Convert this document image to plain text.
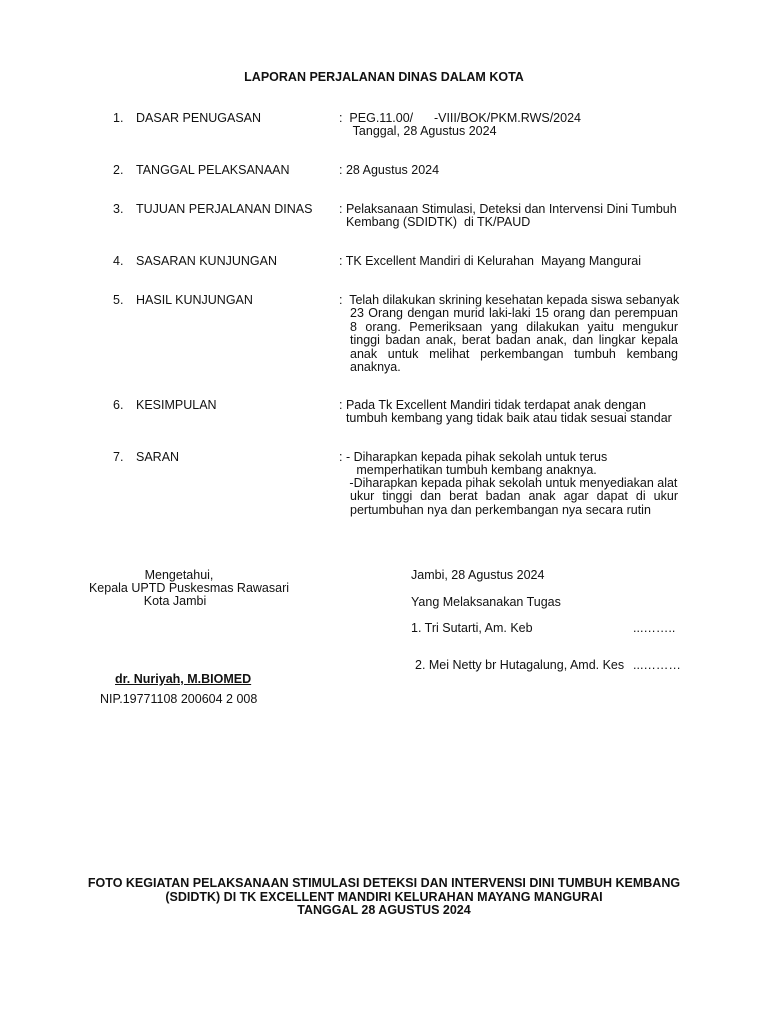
LAPORAN PERJALANAN DINAS DALAM KOTA
1. DASAR PENUGASAN	:  PEG.11.00/      -VIII/BOK/PKM.RWS/2024
Tanggal, 28 Agustus 2024
2. TANGGAL PELAKSANAAN	: 28 Agustus 2024
3. TUJUAN PERJALANAN DINAS : Pelaksanaan Stimulasi, Deteksi dan Intervensi Dini Tumbuh
Kembang (SDIDTK)  di TK/PAUD
4. SASARAN KUNJUNGAN	: TK Excellent Mandiri di Kelurahan  Mayang Mangurai
5. HASIL KUNJUNGAN	:  Telah dilakukan skrining kesehatan kepada siswa sebanyak
23 Orang dengan murid laki-laki 15 orang dan perempuan 8 orang. Pemeriksaan yang dilakukan yaitu mengukur tinggi badan anak, berat badan anak, dan lingkar kepala anak untuk melihat perkembangan tumbuh kembang anaknya.
6. KESIMPULAN	: Pada Tk Excellent Mandiri tidak terdapat anak dengan
tumbuh kembang yang tidak baik atau tidak sesuai standar
7. SARAN	: - Diharapkan kepada pihak sekolah untuk terus
memperhatikan tumbuh kembang anaknya.
-Diharapkan kepada pihak sekolah untuk menyediakan alat
ukur tinggi dan berat badan anak agar dapat di ukur pertumbuhan nya dan perkembangan nya secara rutin
Mengetahui,
Kepala UPTD Puskesmas Rawasari
Kota Jambi
dr. Nuriyah, M.BIOMED
NIP.19771108 200604 2 008
Jambi, 28 Agustus 2024
Yang Melaksanakan Tugas
1. Tri Sutarti, Am. Keb	...……..
2. Mei Netty br Hutagalung, Amd. Kes ...………
FOTO KEGIATAN PELAKSANAAN STIMULASI DETEKSI DAN INTERVENSI DINI TUMBUH KEMBANG
(SDIDTK) DI TK EXCELLENT MANDIRI KELURAHAN MAYANG MANGURAI
TANGGAL 28 AGUSTUS 2024
